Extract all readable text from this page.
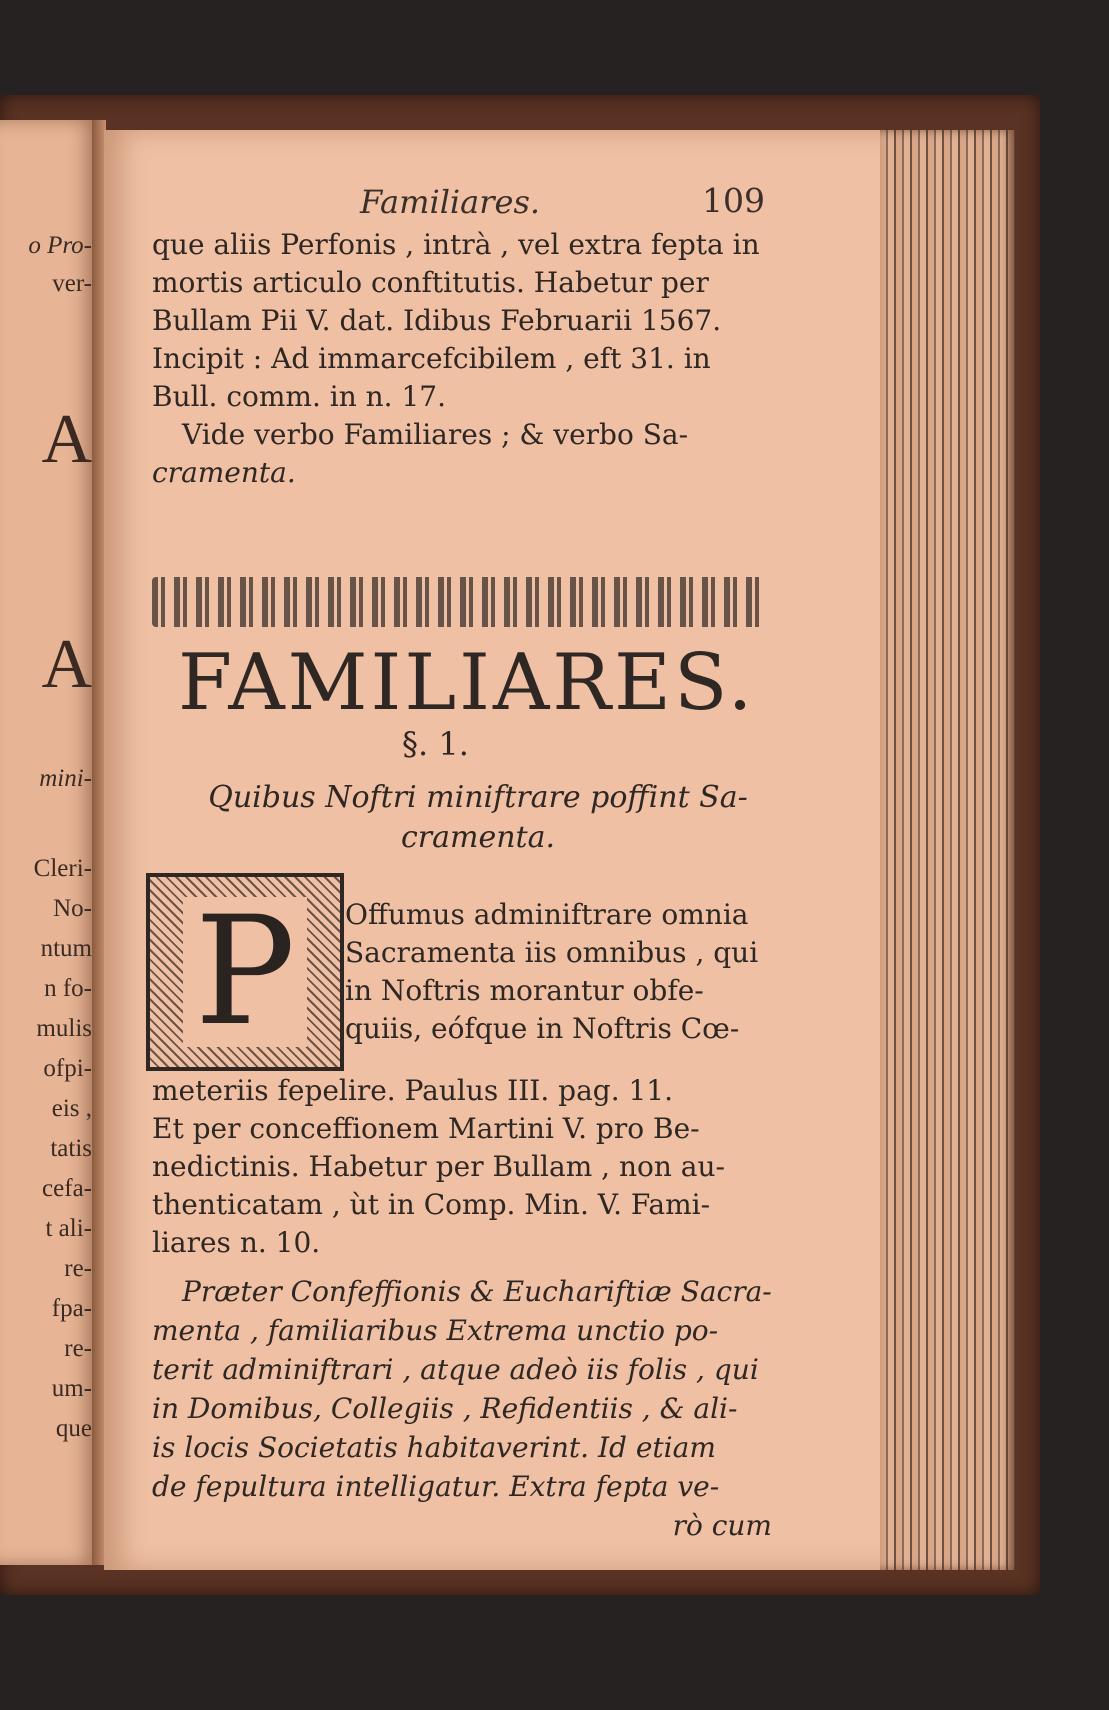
o Pro-
ver-
A
A
mini-
Cleri-
No-
ntum
n fo-
mulis
ofpi-
eis ,
tatis
cefa-
t ali-
re-
fpa-
re-
um-
que
Familiares.	109
que aliis Perfonis , intrà , vel extra fepta in
mortis articulo conftitutis. Habetur per
Bullam Pii V. dat. Idibus Februarii 1567.
Incipit : Ad immarcefcibilem , eft 31. in
Bull. comm. in n. 17.
Vide verbo Familiares ; & verbo Sa-
cramenta.
FAMILIARES.
§. 1.
Quibus Noftri miniftrare poffint Sa-
cramenta.
P	Offumus adminiftrare omnia
Sacramenta iis omnibus , qui
in Noftris morantur obfe-
quiis, eófque in Noftris Cœ-
meteriis fepelire. Paulus III. pag. 11.
Et per conceffionem Martini V. pro Be-
nedictinis. Habetur per Bullam , non au-
thenticatam , ùt in Comp. Min. V. Fami-
liares n. 10.
Præter Confeffionis & Euchariftiæ Sacra-
menta , familiaribus Extrema unctio po-
terit adminiftrari , atque adeò iis folis , qui
in Domibus, Collegiis , Refidentiis , & ali-
is locis Societatis habitaverint. Id etiam
de fepultura intelligatur. Extra fepta ve-
rò cum
